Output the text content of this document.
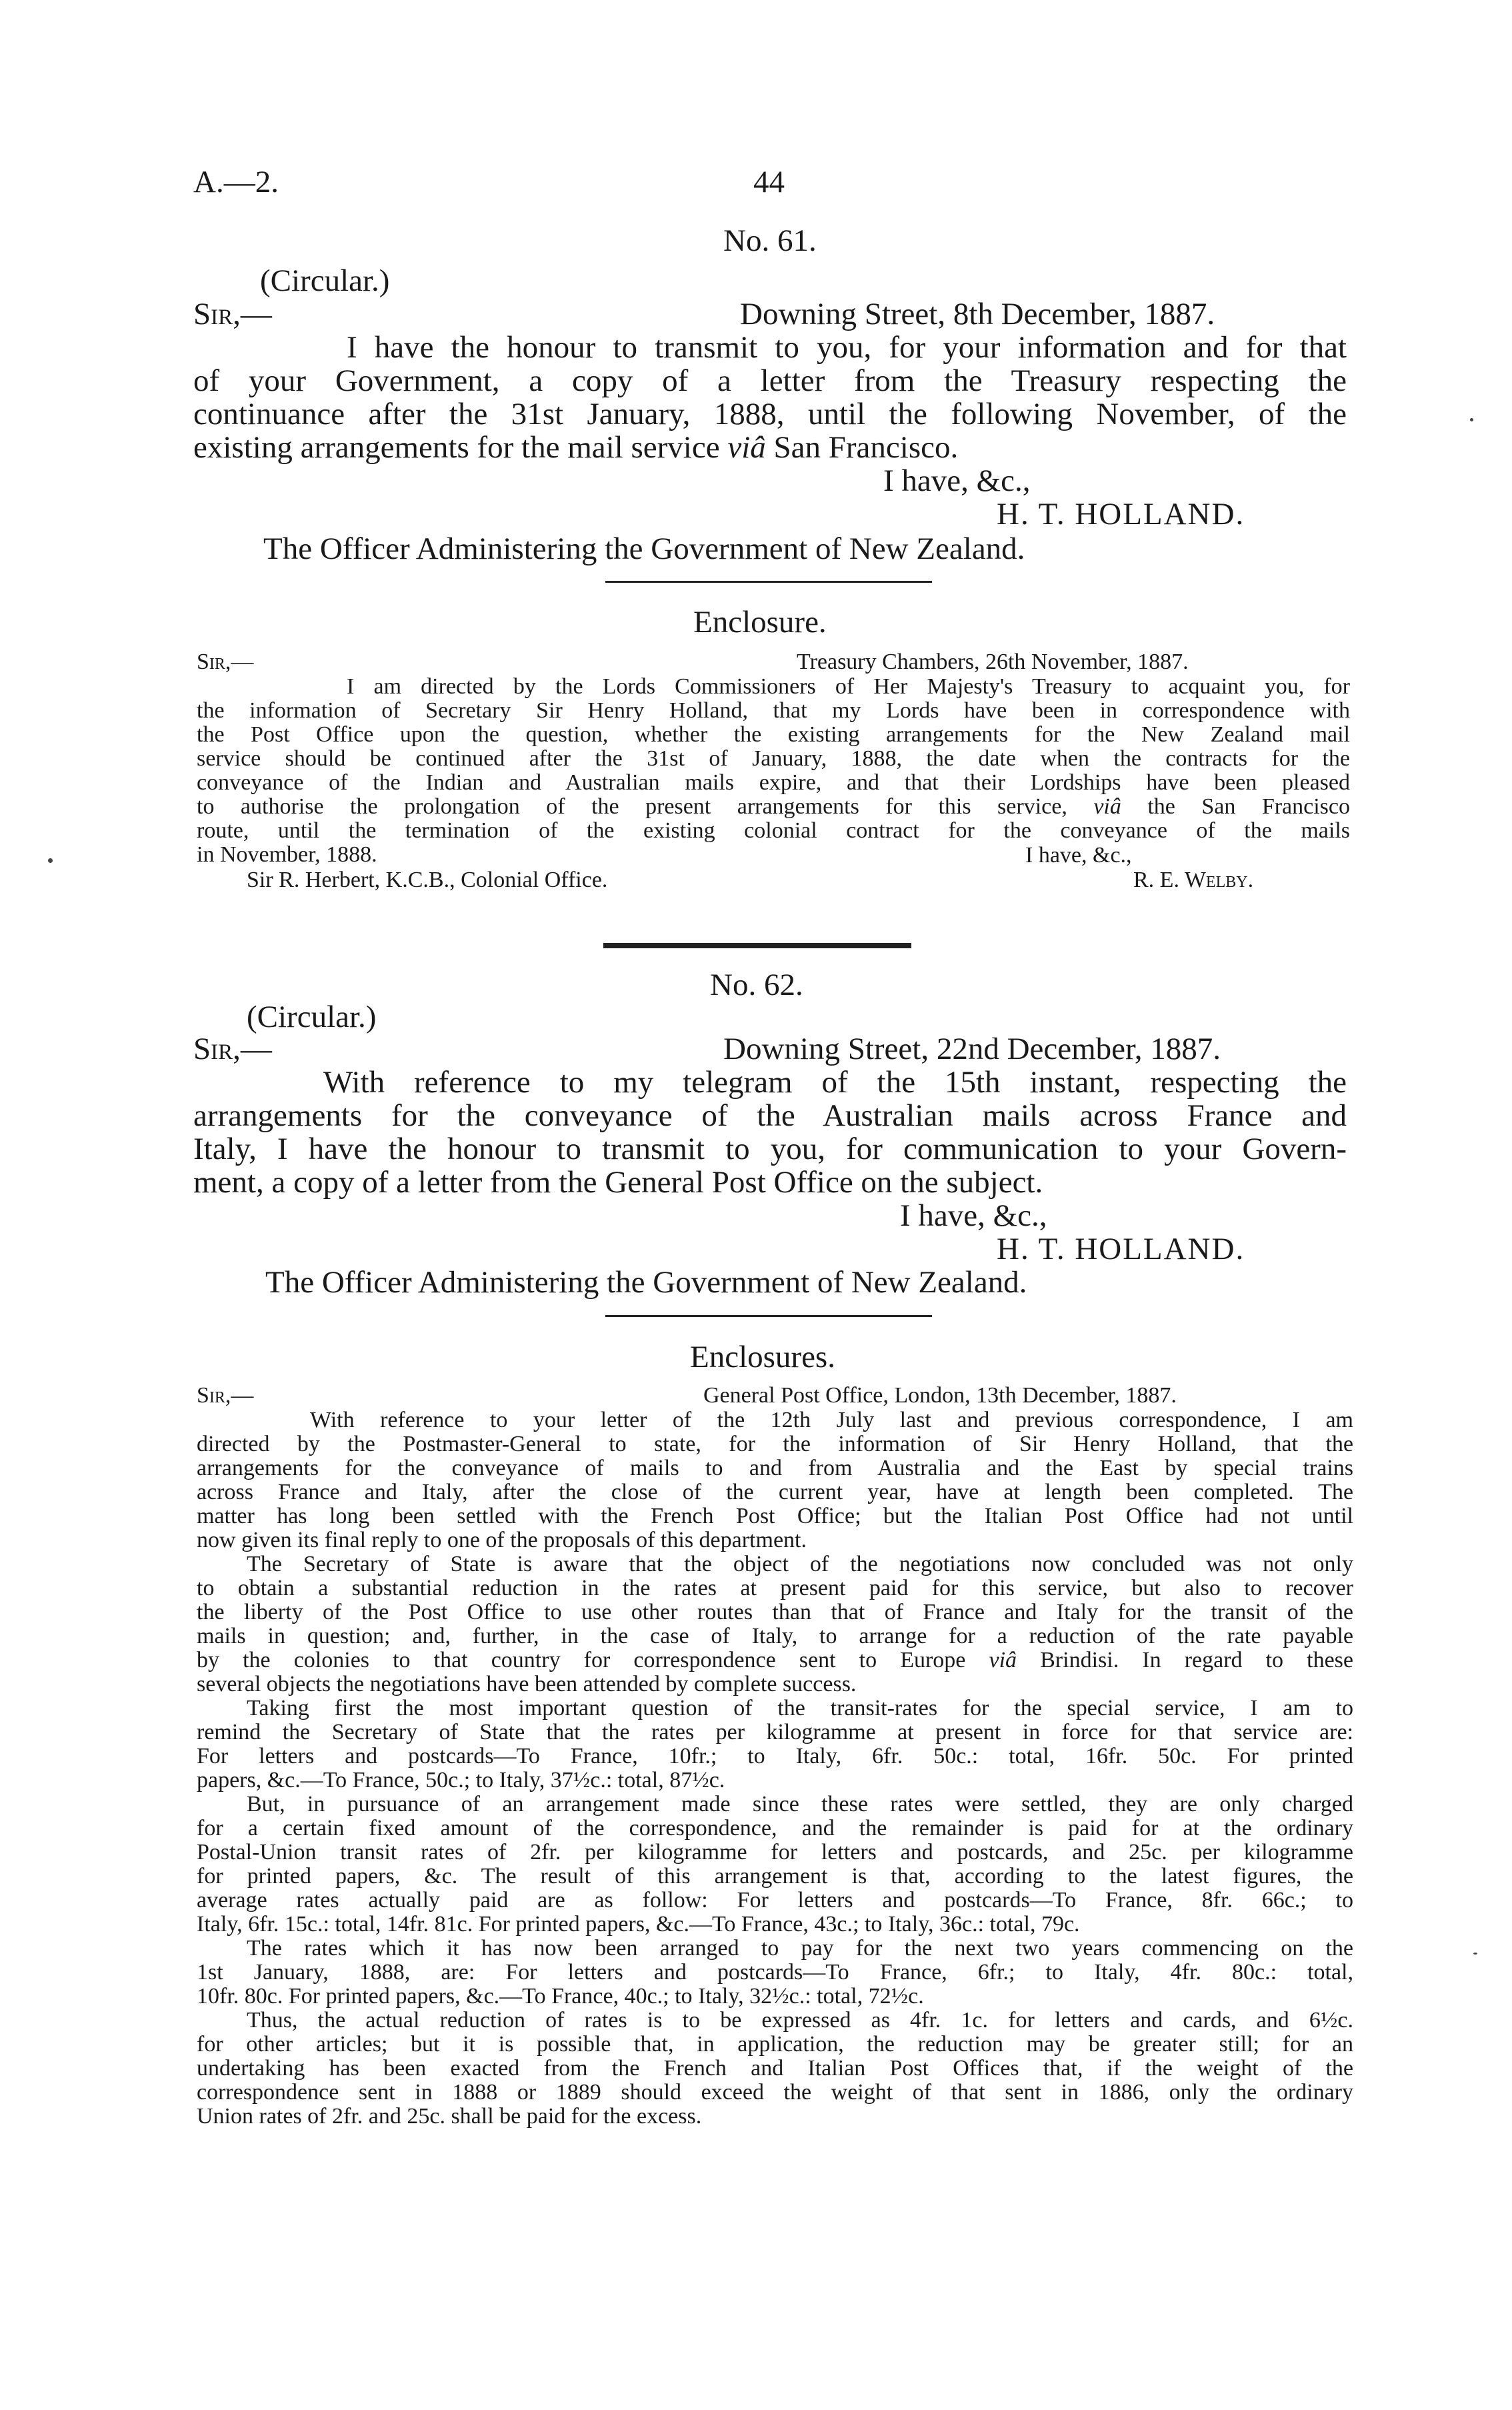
A.—2.	44
No. 61.
(Circular.)
Sir,—	Downing Street, 8th December, 1887.
I have the honour to transmit to you, for your information and for that
of your Government, a copy of a letter from the Treasury respecting the
continuance after the 31st January, 1888, until the following November, of the
existing arrangements for the mail service viâ San Francisco.
I have, &c.,
H. T. HOLLAND.
The Officer Administering the Government of New Zealand.
Enclosure.
Sir,—	Treasury Chambers, 26th November, 1887.
I am directed by the Lords Commissioners of Her Majesty's Treasury to acquaint you, for
the information of Secretary Sir Henry Holland, that my Lords have been in correspondence with
the Post Office upon the question, whether the existing arrangements for the New Zealand mail
service should be continued after the 31st of January, 1888, the date when the contracts for the
conveyance of the Indian and Australian mails expire, and that their Lordships have been pleased
to authorise the prolongation of the present arrangements for this service, viâ the San Francisco
route, until the termination of the existing colonial contract for the conveyance of the mails
in November, 1888.	I have, &c.,
Sir R. Herbert, K.C.B., Colonial Office.	R. E. Welby.
No. 62.
(Circular.)
Sir,—	Downing Street, 22nd December, 1887.
With reference to my telegram of the 15th instant, respecting the
arrangements for the conveyance of the Australian mails across France and
Italy, I have the honour to transmit to you, for communication to your Govern-
ment, a copy of a letter from the General Post Office on the subject.
I have, &c.,
H. T. HOLLAND.
The Officer Administering the Government of New Zealand.
Enclosures.
Sir,—	General Post Office, London, 13th December, 1887.
With reference to your letter of the 12th July last and previous correspondence, I am
directed by the Postmaster-General to state, for the information of Sir Henry Holland, that the
arrangements for the conveyance of mails to and from Australia and the East by special trains
across France and Italy, after the close of the current year, have at length been completed. The
matter has long been settled with the French Post Office; but the Italian Post Office had not until
now given its final reply to one of the proposals of this department.
The Secretary of State is aware that the object of the negotiations now concluded was not only
to obtain a substantial reduction in the rates at present paid for this service, but also to recover
the liberty of the Post Office to use other routes than that of France and Italy for the transit of the
mails in question; and, further, in the case of Italy, to arrange for a reduction of the rate payable
by the colonies to that country for correspondence sent to Europe viâ Brindisi. In regard to these
several objects the negotiations have been attended by complete success.
Taking first the most important question of the transit-rates for the special service, I am to
remind the Secretary of State that the rates per kilogramme at present in force for that service are:
For letters and postcards—To France, 10fr.; to Italy, 6fr. 50c.: total, 16fr. 50c. For printed
papers, &c.—To France, 50c.; to Italy, 37½c.: total, 87½c.
But, in pursuance of an arrangement made since these rates were settled, they are only charged
for a certain fixed amount of the correspondence, and the remainder is paid for at the ordinary
Postal-Union transit rates of 2fr. per kilogramme for letters and postcards, and 25c. per kilogramme
for printed papers, &c. The result of this arrangement is that, according to the latest figures, the
average rates actually paid are as follow: For letters and postcards—To France, 8fr. 66c.; to
Italy, 6fr. 15c.: total, 14fr. 81c. For printed papers, &c.—To France, 43c.; to Italy, 36c.: total, 79c.
The rates which it has now been arranged to pay for the next two years commencing on the
1st January, 1888, are: For letters and postcards—To France, 6fr.; to Italy, 4fr. 80c.: total,
10fr. 80c. For printed papers, &c.—To France, 40c.; to Italy, 32½c.: total, 72½c.
Thus, the actual reduction of rates is to be expressed as 4fr. 1c. for letters and cards, and 6½c.
for other articles; but it is possible that, in application, the reduction may be greater still; for an
undertaking has been exacted from the French and Italian Post Offices that, if the weight of the
correspondence sent in 1888 or 1889 should exceed the weight of that sent in 1886, only the ordinary
Union rates of 2fr. and 25c. shall be paid for the excess.
